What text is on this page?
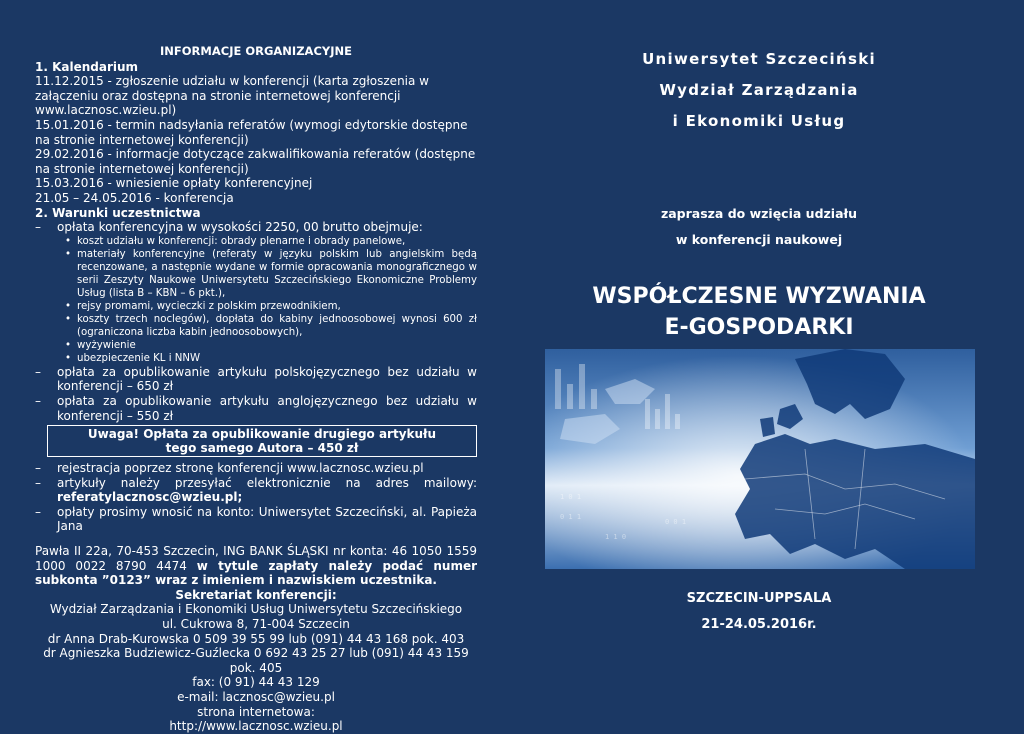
INFORMACJE ORGANIZACYJNE
1. Kalendarium
11.12.2015 - zgłoszenie udziału w konferencji (karta zgłoszenia w załączeniu oraz dostępna na stronie internetowej konferencji www.lacznosc.wzieu.pl)
15.01.2016 - termin nadsyłania referatów (wymogi edytorskie dostępne na stronie internetowej konferencji)
29.02.2016 - informacje dotyczące zakwalifikowania referatów (dostępne na stronie internetowej konferencji)
15.03.2016 - wniesienie opłaty konferencyjnej
21.05 – 24.05.2016 - konferencja
2. Warunki uczestnictwa
– opłata konferencyjna w wysokości 2250, 00 brutto obejmuje:
• koszt udziału w konferencji: obrady plenarne i obrady panelowe,
• materiały konferencyjne (referaty w języku polskim lub angielskim będą recenzowane, a następnie wydane w formie opracowania monograficznego w serii Zeszyty Naukowe Uniwersytetu Szczecińskiego Ekonomiczne Problemy Usług (lista B – KBN – 6 pkt.),
• rejsy promami, wycieczki z polskim przewodnikiem,
• koszty trzech noclegów), dopłata do kabiny jednoosobowej wynosi 600 zł (ograniczona liczba kabin jednoosobowych),
• wyżywienie
• ubezpieczenie KL i NNW
– opłata za opublikowanie artykułu polskojęzycznego bez udziału w konferencji – 650 zł
– opłata za opublikowanie artykułu anglojęzycznego bez udziału w konferencji – 550 zł
Uwaga! Opłata za opublikowanie drugiego artykułu
tego samego Autora – 450 zł
– rejestracja poprzez stronę konferencji www.lacznosc.wzieu.pl
– artykuły należy przesyłać elektronicznie na adres mailowy: referatylacznosc@wzieu.pl;
– opłaty prosimy wnosić na konto: Uniwersytet Szczeciński, al. Papieża Jana
Pawła II 22a, 70-453 Szczecin, ING BANK ŚLĄSKI nr konta: 46 1050 1559 1000 0022 8790 4474 w tytule zapłaty należy podać numer subkonta ”0123” wraz z imieniem i nazwiskiem uczestnika.
Sekretariat konferencji:
Wydział Zarządzania i Ekonomiki Usług Uniwersytetu Szczecińskiego
ul. Cukrowa 8, 71-004 Szczecin
dr Anna Drab-Kurowska 0 509 39 55 99 lub (091) 44 43 168 pok. 403
dr Agnieszka Budziewicz-Guźlecka 0 692 43 25 27 lub (091) 44 43 159 pok. 405
fax: (0 91) 44 43 129
e-mail: lacznosc@wzieu.pl
strona internetowa:
http://www.lacznosc.wzieu.pl
Uniwersytet Szczeciński
Wydział Zarządzania
i Ekonomiki Usług
zaprasza do wzięcia udziału
w konferencji naukowej
WSPÓŁCZESNE WYZWANIA
E-GOSPODARKI
1 0 1
0 1 1
1 1 0
0 0 1
SZCZECIN-UPPSALA
21-24.05.2016r.
